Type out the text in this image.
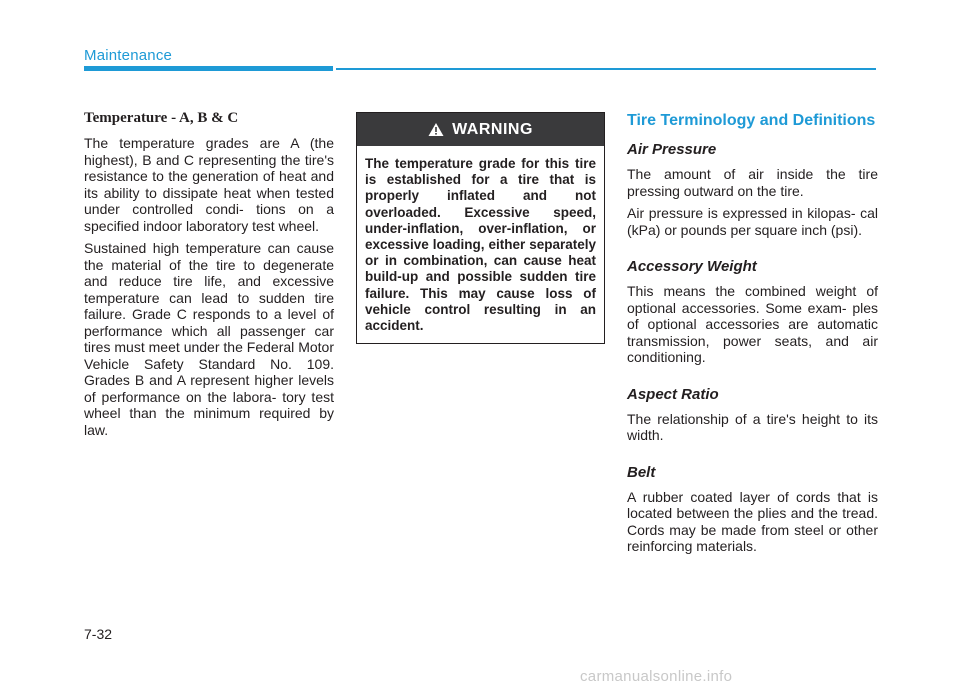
Maintenance
Temperature - A, B & C

The temperature grades are A (the highest), B and C representing the tire's resistance to the generation of heat and its ability to dissipate heat when tested under controlled condi- tions on a specified indoor laboratory test wheel.

Sustained high temperature can cause the material of the tire to degenerate and reduce tire life, and excessive temperature can lead to sudden tire failure. Grade C responds to a level of performance which all passenger car tires must meet under the Federal Motor Vehicle Safety Standard No. 109. Grades B and A represent higher levels of performance on the labora- tory test wheel than the minimum required by law.

WARNING
The temperature grade for this tire is established for a tire that is properly inflated and not overloaded. Excessive speed, under-inflation, over-inflation, or excessive loading, either separately or in combination, can cause heat build-up and possible sudden tire failure. This may cause loss of vehicle control resulting in an accident.
Tire Terminology and Definitions
Air Pressure

The amount of air inside the tire pressing outward on the tire.

Air pressure is expressed in kilopas- cal (kPa) or pounds per square inch (psi).

Accessory Weight

This means the combined weight of optional accessories. Some exam- ples of optional accessories are automatic transmission, power seats, and air conditioning.

Aspect Ratio

The relationship of a tire's height to its width.

Belt

A rubber coated layer of cords that is located between the plies and the tread. Cords may be made from steel or other reinforcing materials.

7-32
carmanualsonline.info
